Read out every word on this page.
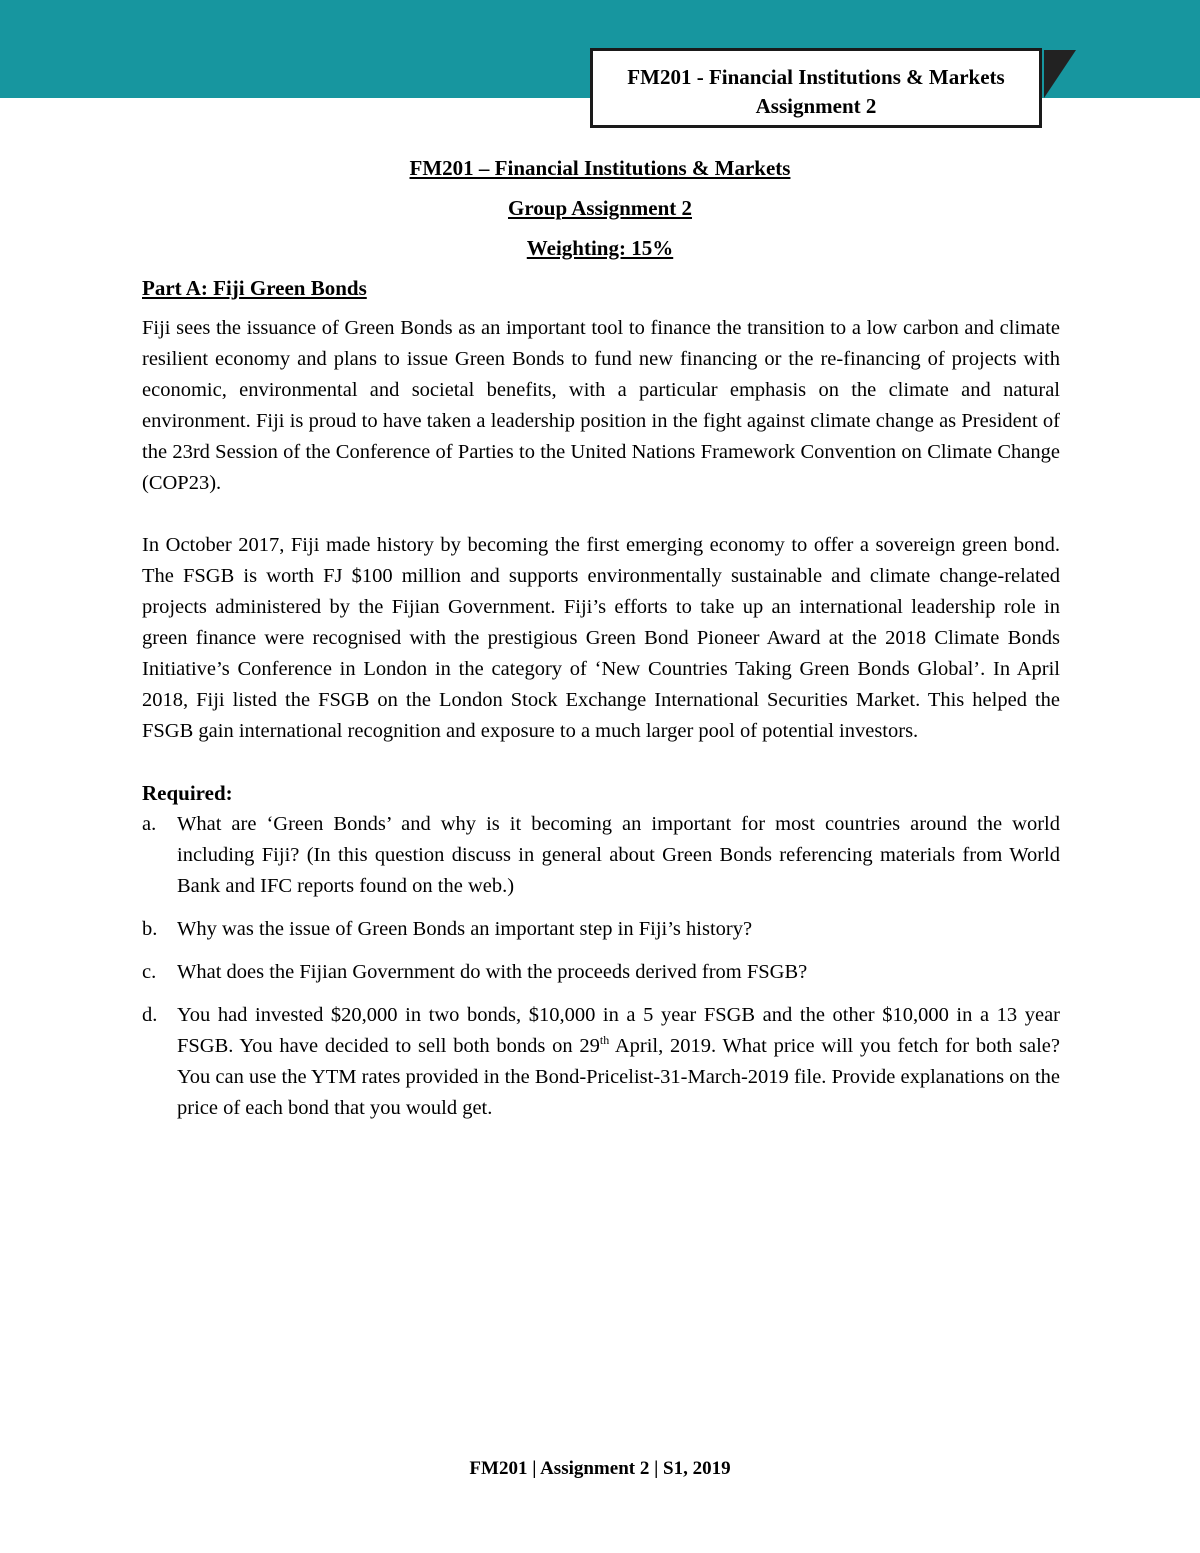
FM201 - Financial Institutions & Markets
Assignment 2
FM201 – Financial Institutions & Markets
Group Assignment 2
Weighting: 15%
Part A: Fiji Green Bonds

Fiji sees the issuance of Green Bonds as an important tool to finance the transition to a low carbon and climate resilient economy and plans to issue Green Bonds to fund new financing or the re-financing of projects with economic, environmental and societal benefits, with a particular emphasis on the climate and natural environment. Fiji is proud to have taken a leadership position in the fight against climate change as President of the 23rd Session of the Conference of Parties to the United Nations Framework Convention on Climate Change (COP23).

In October 2017, Fiji made history by becoming the first emerging economy to offer a sovereign green bond. The FSGB is worth FJ $100 million and supports environmentally sustainable and climate change-related projects administered by the Fijian Government. Fiji’s efforts to take up an international leadership role in green finance were recognised with the prestigious Green Bond Pioneer Award at the 2018 Climate Bonds Initiative’s Conference in London in the category of ‘New Countries Taking Green Bonds Global’. In April 2018, Fiji listed the FSGB on the London Stock Exchange International Securities Market. This helped the FSGB gain international recognition and exposure to a much larger pool of potential investors.

Required:
a.	What are ‘Green Bonds’ and why is it becoming an important for most countries around the world including Fiji? (In this question discuss in general about Green Bonds referencing materials from World Bank and IFC reports found on the web.)
b. Why was the issue of Green Bonds an important step in Fiji’s history?
c.	What does the Fijian Government do with the proceeds derived from FSGB?
d. You had invested $20,000 in two bonds, $10,000 in a 5 year FSGB and the other $10,000 in a 13 year FSGB. You have decided to sell both bonds on 29th April, 2019. What price will you fetch for both sale? You can use the YTM rates provided in the Bond-Pricelist-31-March-2019 file. Provide explanations on the price of each bond that you would get.
FM201 | Assignment 2 | S1, 2019
